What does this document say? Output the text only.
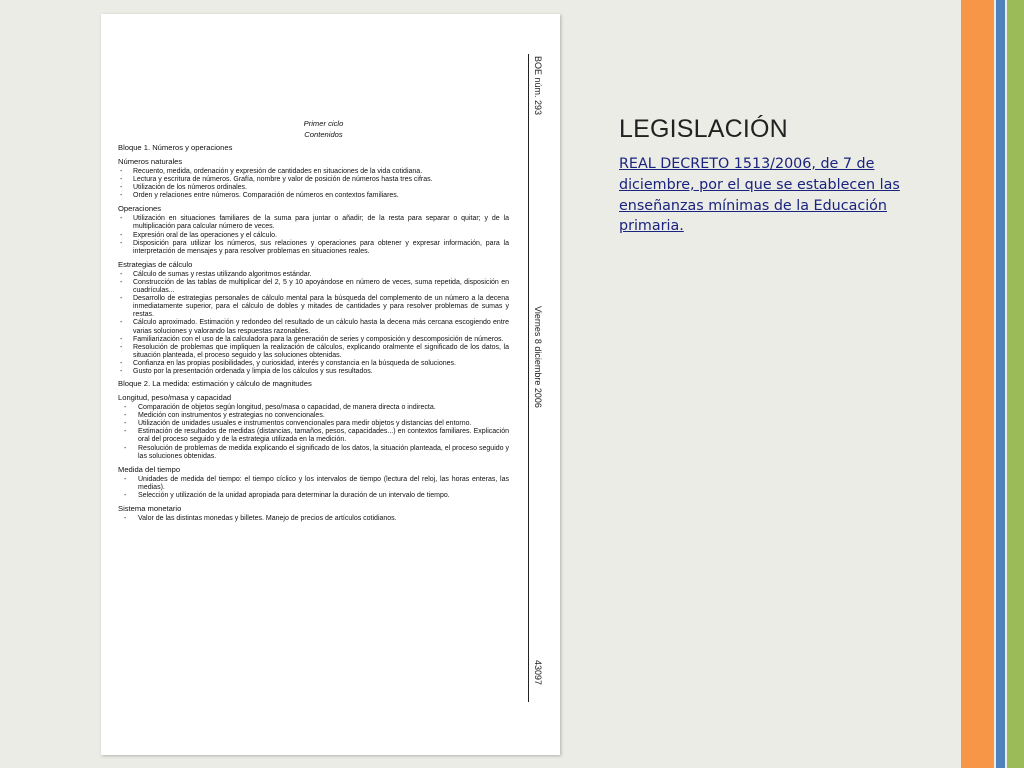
BOE núm. 293
Viernes 8 diciembre 2006
43097
Primer ciclo
Contenidos
Bloque 1. Números y operaciones
Números naturales
- Recuento, medida, ordenación y expresión de cantidades en situaciones de la vida cotidiana.
- Lectura y escritura de números. Grafía, nombre y valor de posición de números hasta tres cifras.
- Utilización de los números ordinales.
- Orden y relaciones entre números. Comparación de números en contextos familiares.
Operaciones
- Utilización en situaciones familiares de la suma para juntar o añadir; de la resta para separar o quitar; y de la multiplicación para calcular número de veces.
- Expresión oral de las operaciones y el cálculo.
- Disposición para utilizar los números, sus relaciones y operaciones para obtener y expresar información, para la interpretación de mensajes y para resolver problemas en situaciones reales.
Estrategias de cálculo
- Cálculo de sumas y restas utilizando algoritmos estándar.
- Construcción de las tablas de multiplicar del 2, 5 y 10 apoyándose en número de veces, suma repetida, disposición en cuadrículas...
- Desarrollo de estrategias personales de cálculo mental para la búsqueda del complemento de un número a la decena inmediatamente superior, para el cálculo de dobles y mitades de cantidades y para resolver problemas de sumas y restas.
- Cálculo aproximado. Estimación y redondeo del resultado de un cálculo hasta la decena más cercana escogiendo entre varias soluciones y valorando las respuestas razonables.
- Familiarización con el uso de la calculadora para la generación de series y composición y descomposición de números.
- Resolución de problemas que impliquen la realización de cálculos, explicando oralmente el significado de los datos, la situación planteada, el proceso seguido y las soluciones obtenidas.
- Confianza en las propias posibilidades, y curiosidad, interés y constancia en la búsqueda de soluciones.
- Gusto por la presentación ordenada y limpia de los cálculos y sus resultados.
Bloque 2. La medida: estimación y cálculo de magnitudes
Longitud, peso/masa y capacidad
- Comparación de objetos según longitud, peso/masa o capacidad, de manera directa o indirecta.
- Medición con instrumentos y estrategias no convencionales.
- Utilización de unidades usuales e instrumentos convencionales para medir objetos y distancias del entorno.
- Estimación de resultados de medidas (distancias, tamaños, pesos, capacidades...) en contextos familiares. Explicación oral del proceso seguido y de la estrategia utilizada en la medición.
- Resolución de problemas de medida explicando el significado de los datos, la situación planteada, el proceso seguido y las soluciones obtenidas.
Medida del tiempo
- Unidades de medida del tiempo: el tiempo cíclico y los intervalos de tiempo (lectura del reloj, las horas enteras, las medias).
- Selección y utilización de la unidad apropiada para determinar la duración de un intervalo de tiempo.
Sistema monetario
- Valor de las distintas monedas y billetes. Manejo de precios de artículos cotidianos.
LEGISLACIÓN
REAL DECRETO 1513/2006, de 7 de diciembre, por el que se establecen las enseñanzas mínimas de la Educación primaria.
